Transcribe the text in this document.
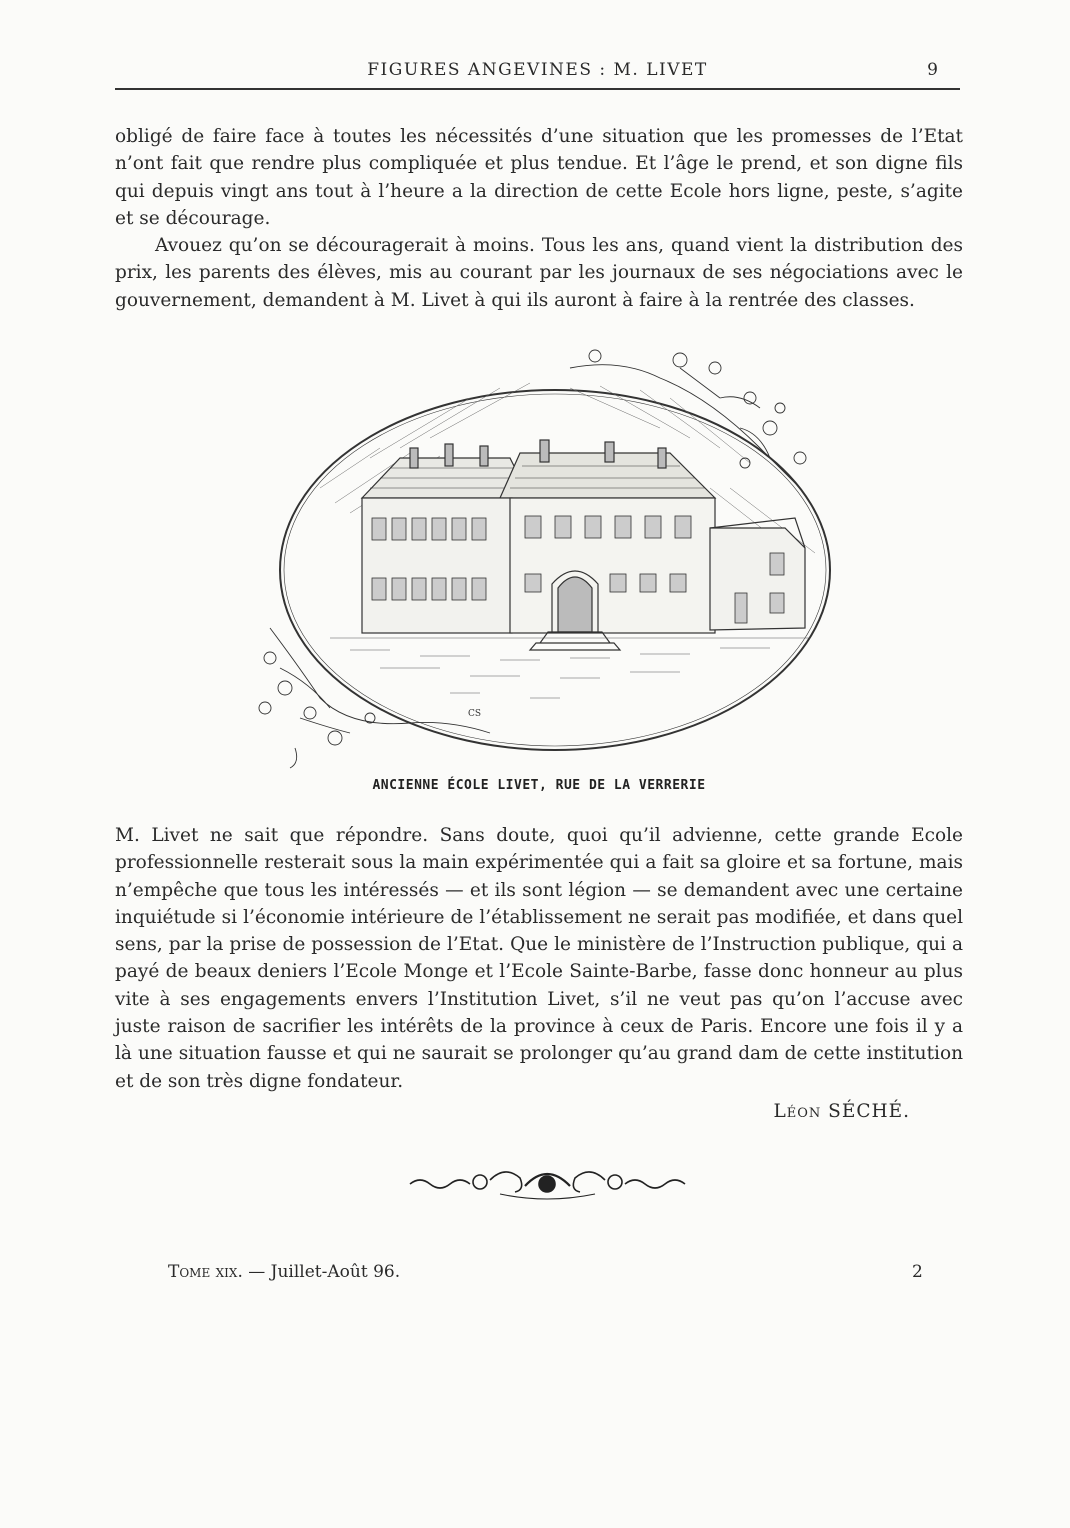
FIGURES ANGEVINES : M. LIVET	9

obligé de faire face à toutes les nécessités d’une situation que les promesses de l’Etat n’ont fait que rendre plus compliquée et plus tendue. Et l’âge le prend, et son digne fils qui depuis vingt ans tout à l’heure a la direction de cette Ecole hors ligne, peste, s’agite et se décourage.

Avouez qu’on se découragerait à moins. Tous les ans, quand vient la distribution des prix, les parents des élèves, mis au courant par les journaux de ses négociations avec le gouvernement, demandent à M. Livet à qui ils auront à faire à la rentrée des classes.

CS
ANCIENNE ÉCOLE LIVET, RUE DE LA VERRERIE

M. Livet ne sait que répondre. Sans doute, quoi qu’il advienne, cette grande Ecole professionnelle resterait sous la main expérimentée qui a fait sa gloire et sa fortune, mais n’empêche que tous les intéressés — et ils sont légion — se demandent avec une certaine inquiétude si l’économie intérieure de l’établissement ne serait pas modifiée, et dans quel sens, par la prise de possession de l’Etat. Que le ministère de l’Instruction publique, qui a payé de beaux deniers l’Ecole Monge et l’Ecole Sainte-Barbe, fasse donc honneur au plus vite à ses engagements envers l’Institution Livet, s’il ne veut pas qu’on l’accuse avec juste raison de sacrifier les intérêts de la province à ceux de Paris. Encore une fois il y a là une situation fausse et qui ne saurait se prolonger qu’au grand dam de cette institution et de son très digne fondateur.

Léon SÉCHÉ.
Tome xix. — Juillet-Août 96.	2
